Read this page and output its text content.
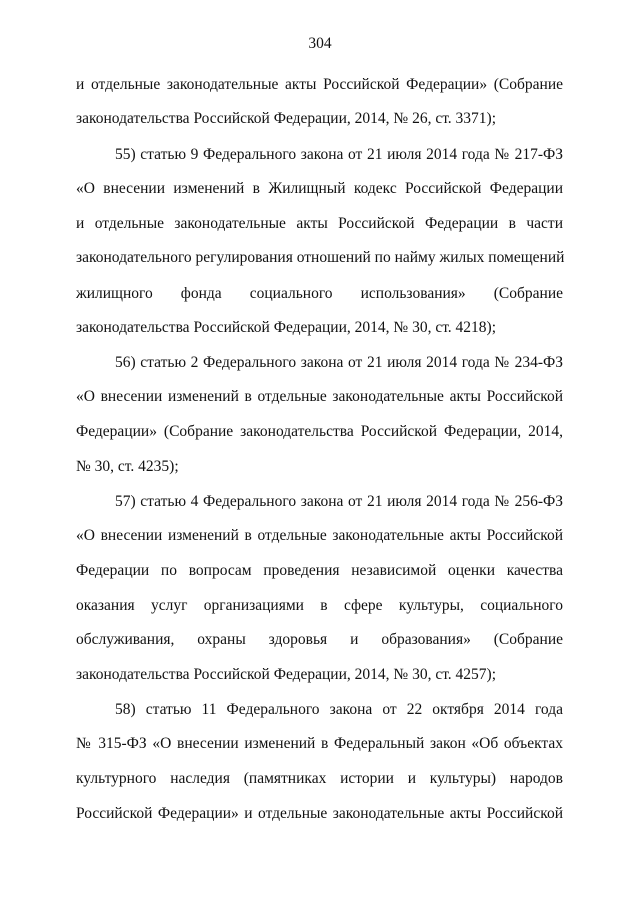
304
и отдельные законодательные акты Российской Федерации» (Собрание
законодательства Российской Федерации, 2014, № 26, ст. 3371);
55) статью 9 Федерального закона от 21 июля 2014 года № 217-ФЗ
«О внесении изменений в Жилищный кодекс Российской Федерации
и отдельные законодательные акты Российской Федерации в части
законодательного регулирования отношений по найму жилых помещений
жилищного фонда социального использования» (Собрание
законодательства Российской Федерации, 2014, № 30, ст. 4218);
56) статью 2 Федерального закона от 21 июля 2014 года № 234-ФЗ
«О внесении изменений в отдельные законодательные акты Российской
Федерации» (Собрание законодательства Российской Федерации, 2014,
№ 30, ст. 4235);
57) статью 4 Федерального закона от 21 июля 2014 года № 256-ФЗ
«О внесении изменений в отдельные законодательные акты Российской
Федерации по вопросам проведения независимой оценки качества
оказания услуг организациями в сфере культуры, социального
обслуживания, охраны здоровья и образования» (Собрание
законодательства Российской Федерации, 2014, № 30, ст. 4257);
58) статью 11 Федерального закона от 22 октября 2014 года
№ 315-ФЗ «О внесении изменений в Федеральный закон «Об объектах
культурного наследия (памятниках истории и культуры) народов
Российской Федерации» и отдельные законодательные акты Российской
